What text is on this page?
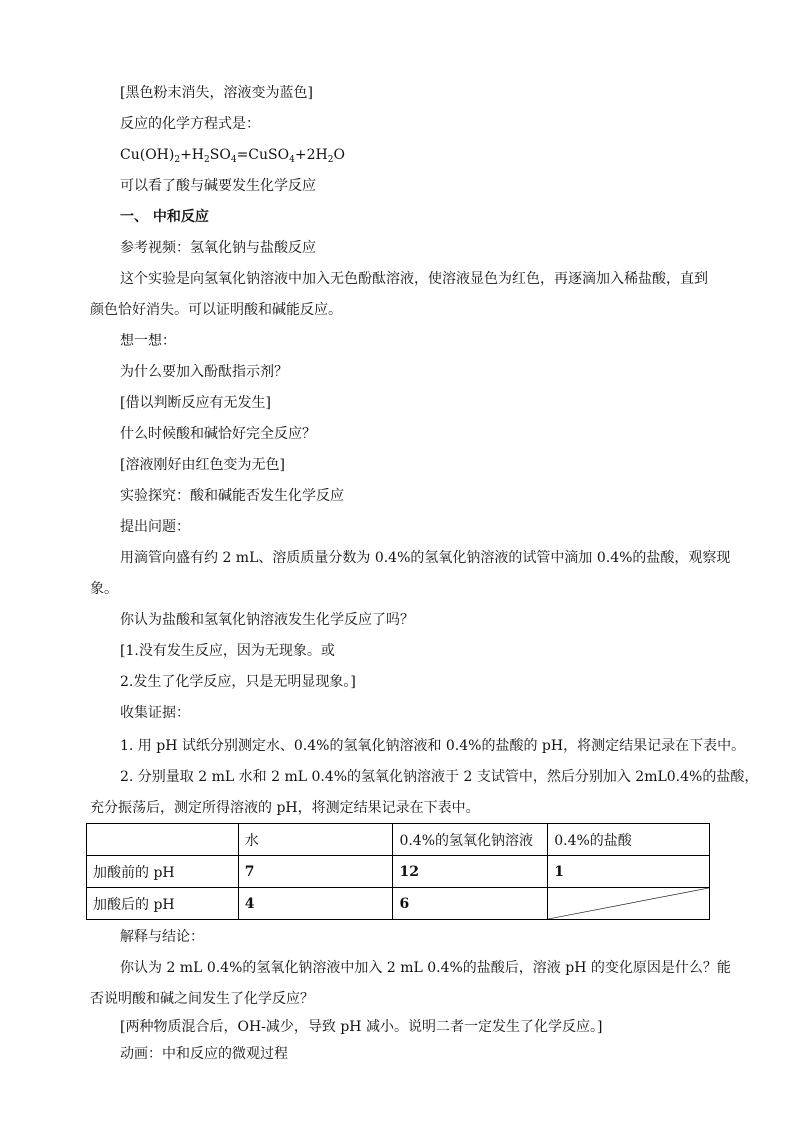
[黑色粉末消失，溶液变为蓝色]
反应的化学方程式是：
$Cu(OH)_2+H_2SO_4=CuSO_4+2H_2O$
可以看了酸与碱要发生化学反应
一、 中和反应
参考视频：氢氧化钠与盐酸反应
这个实验是向氢氧化钠溶液中加入无色酚酞溶液，使溶液显色为红色，再逐滴加入稀盐酸，直到
颜色恰好消失。可以证明酸和碱能反应。
想一想：
为什么要加入酚酞指示剂？
[借以判断反应有无发生]
什么时候酸和碱恰好完全反应？
[溶液刚好由红色变为无色]
实验探究：酸和碱能否发生化学反应
提出问题：
用滴管向盛有约 2 mL、溶质质量分数为 0.4%的氢氧化钠溶液的试管中滴加 0.4%的盐酸，观察现
象。
你认为盐酸和氢氧化钠溶液发生化学反应了吗？
[1.没有发生反应，因为无现象。或
2.发生了化学反应，只是无明显现象。]
收集证据：
1. 用 pH 试纸分别测定水、0.4%的氢氧化钠溶液和 0.4%的盐酸的 pH，将测定结果记录在下表中。
2. 分别量取 2 mL 水和 2 mL 0.4%的氢氧化钠溶液于 2 支试管中，然后分别加入 2mL0.4%的盐酸，
充分振荡后，测定所得溶液的 pH，将测定结果记录在下表中。
	水	0.4%的氢氧化钠溶液	0.4%的盐酸
加酸前的 pH	7	12	1
加酸后的 pH	4	6	
解释与结论：
你认为 2 mL 0.4%的氢氧化钠溶液中加入 2 mL 0.4%的盐酸后，溶液 pH 的变化原因是什么？能
否说明酸和碱之间发生了化学反应？
[两种物质混合后，OH-减少，导致 pH 减小。说明二者一定发生了化学反应。]
动画：中和反应的微观过程
